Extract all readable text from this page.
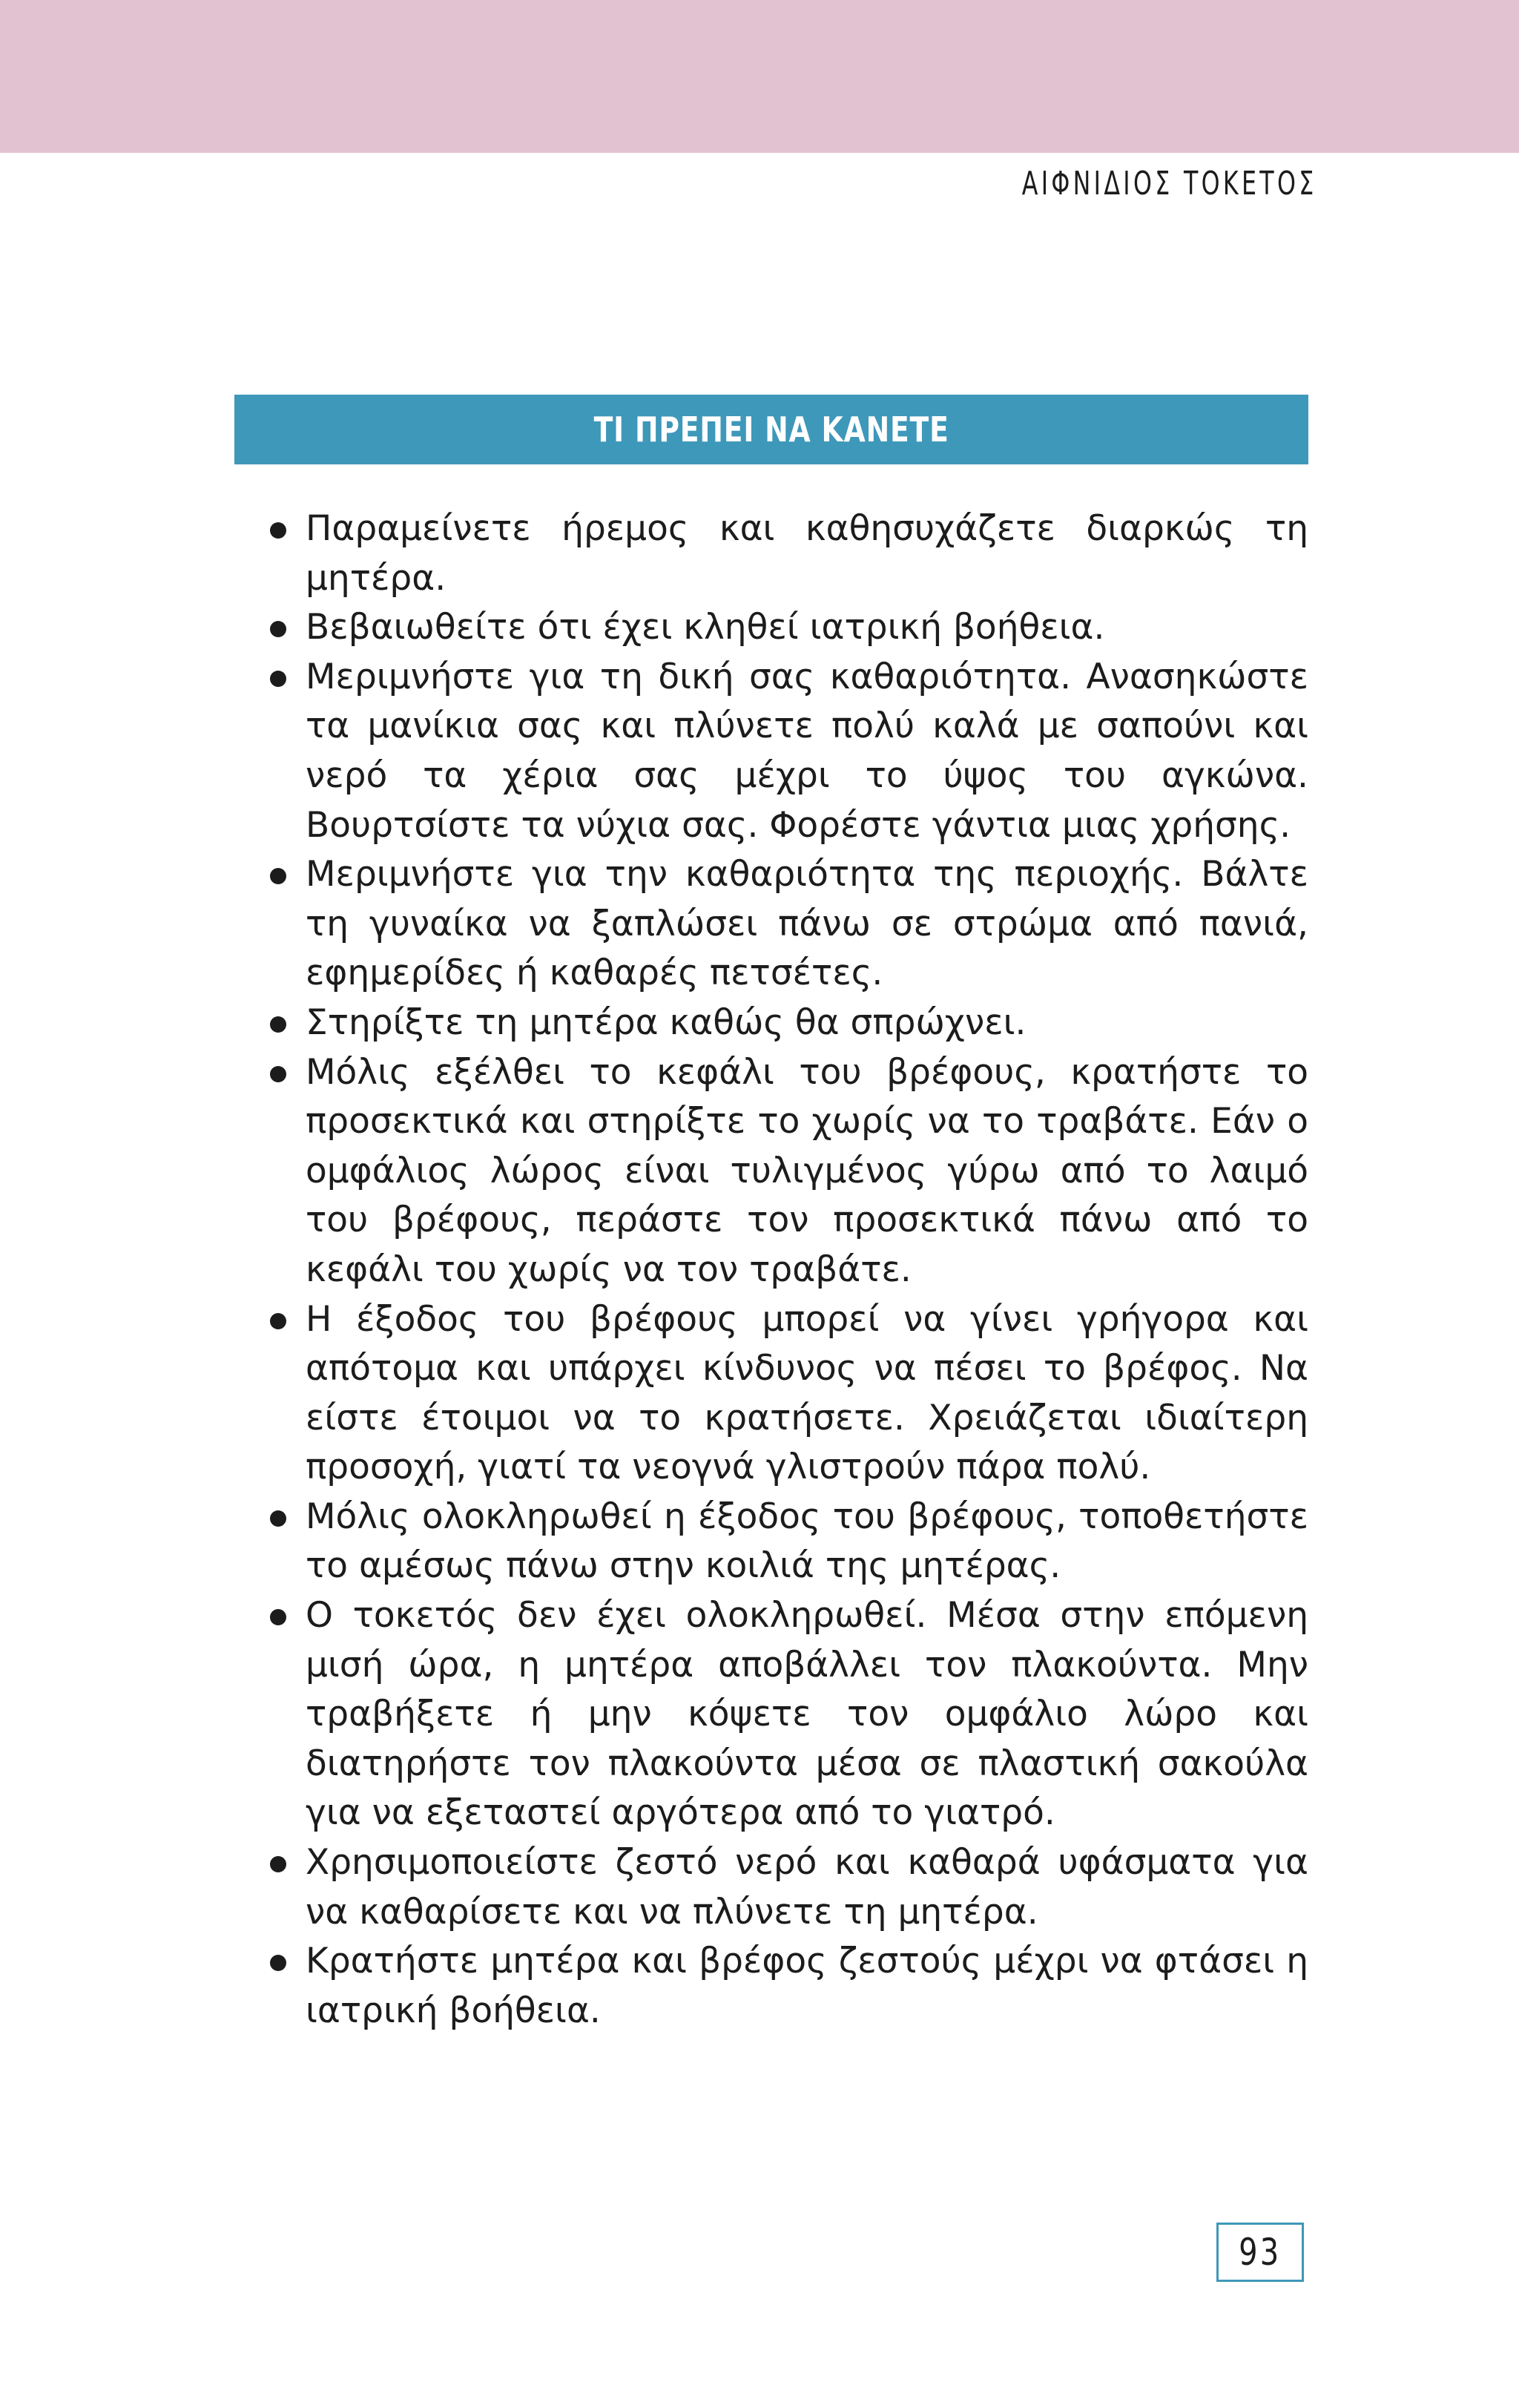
ΑΙΦΝΙΔΙΟΣ ΤΟΚΕΤΟΣ
ΤΙ ΠΡΕΠΕΙ ΝΑ ΚΑΝΕΤΕ
Παραμείνετε ήρεμος και καθησυχάζετε διαρκώς τη μητέρα.
Βεβαιωθείτε ότι έχει κληθεί ιατρική βοήθεια.
Μεριμνήστε για τη δική σας καθαριότητα. Ανασηκώστε τα μανίκια σας και πλύνετε πολύ καλά με σαπούνι και νερό τα χέρια σας μέχρι το ύψος του αγκώνα. Βουρτσίστε τα νύχια σας. Φορέστε γάντια μιας χρήσης.
Μεριμνήστε για την καθαριότητα της περιοχής. Βάλτε τη γυναίκα να ξαπλώσει πάνω σε στρώμα από πανιά, εφημερίδες ή καθαρές πετσέτες.
Στηρίξτε τη μητέρα καθώς θα σπρώχνει.
Μόλις εξέλθει το κεφάλι του βρέφους, κρατήστε το προσεκτικά και στηρίξτε το χωρίς να το τραβάτε. Εάν ο ομφάλιος λώρος είναι τυλιγμένος γύρω από το λαιμό του βρέφους, περάστε τον προσεκτικά πάνω από το κεφάλι του χωρίς να τον τραβάτε.
Η έξοδος του βρέφους μπορεί να γίνει γρήγορα και απότομα και υπάρχει κίνδυνος να πέσει το βρέφος. Να είστε έτοιμοι να το κρατήσετε. Χρειάζεται ιδιαίτερη προσοχή, γιατί τα νεογνά γλιστρούν πάρα πολύ.
Μόλις ολοκληρωθεί η έξοδος του βρέφους, τοποθετήστε το αμέσως πάνω στην κοιλιά της μητέρας.
Ο τοκετός δεν έχει ολοκληρωθεί. Μέσα στην επόμενη μισή ώρα, η μητέρα αποβάλλει τον πλακούντα. Μην τραβήξετε ή μην κόψετε τον ομφάλιο λώρο και διατηρήστε τον πλακούντα μέσα σε πλαστική σακούλα για να εξεταστεί αργότερα από το γιατρό.
Χρησιμοποιείστε ζεστό νερό και καθαρά υφάσματα για να καθαρίσετε και να πλύνετε τη μητέρα.
Κρατήστε μητέρα και βρέφος ζεστούς μέχρι να φτάσει η ιατρική βοήθεια.
93
